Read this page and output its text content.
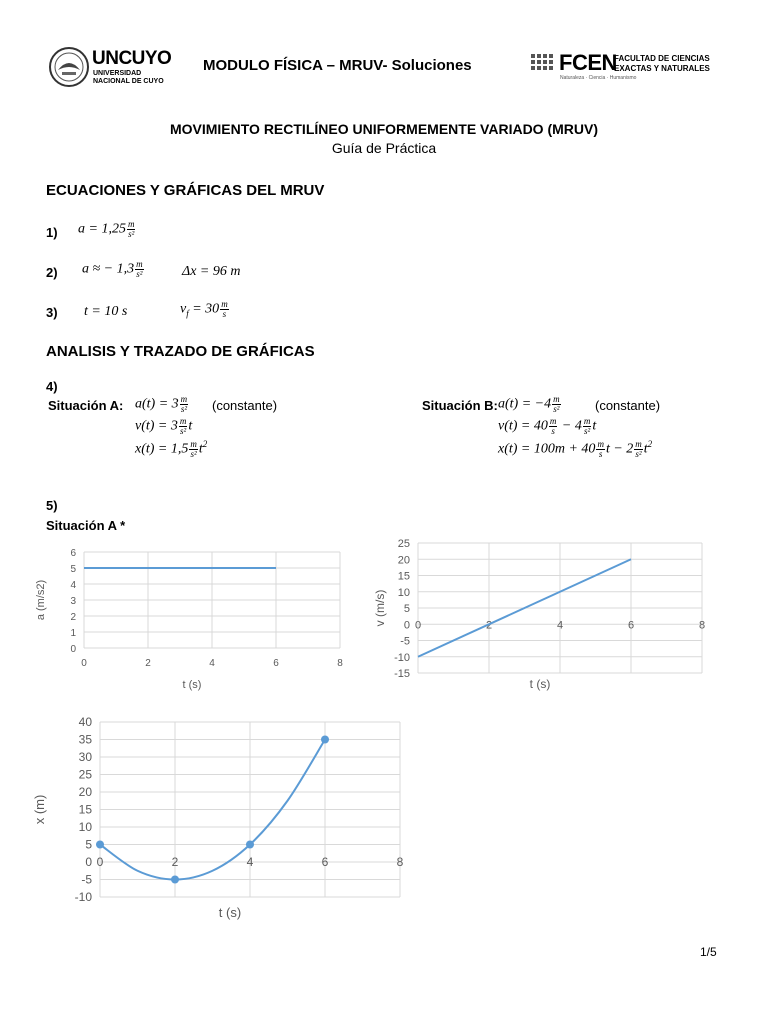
UNCUYO
UNIVERSIDAD
NACIONAL DE CUYO
MODULO FÍSICA – MRUV- Soluciones	FCEN
FACULTAD DE CIENCIAS
EXACTAS Y NATURALES
Naturaleza · Ciencia · Humanismo
MOVIMIENTO RECTILÍNEO UNIFORMEMENTE VARIADO (MRUV)
Guía de Práctica
ECUACIONES Y GRÁFICAS DEL MRUV
1) $a = 1,25 \frac{m}{\text{s²}}$
2) a ≈ − $1,3 \frac{m}{\text{s²}}$	Δx = 96 m
3) t = 10 s	$v_f = 30 \frac{m}{s}$
ANALISIS Y TRAZADO DE GRÁFICAS
4)
Situación A: $a(t) = 3 \frac{m}{\text{s²}}$ (constante)
$v(t) = 3 \frac{m}{\text{s²}}$ t
$x(t) = 1,5 \frac{m}{\text{s²}} t^2$
Situación B: $a(t) = -4 \frac{m}{\text{s²}}$	(constante)
$v(t) = 40 \frac{m}{s} - 4 \frac{m}{\text{s²}}$ t
$x(t) = 100m + 40 \frac{m}{s}$ $t - 2 \frac{m}{\text{s²}} t^2$
5)
Situación A *
0
1
2
3
4
5
6
0	2	4	6	8
t (s)
a (m/s2)
-15
-10
-5
0
5
10
15
20
25
0	2	4	6	8
t (s)
v (m/s)
-10
-5
0
5
10
15
20
25
30
35
40
0	2	4	6	8
t (s)
x (m)
1/5
